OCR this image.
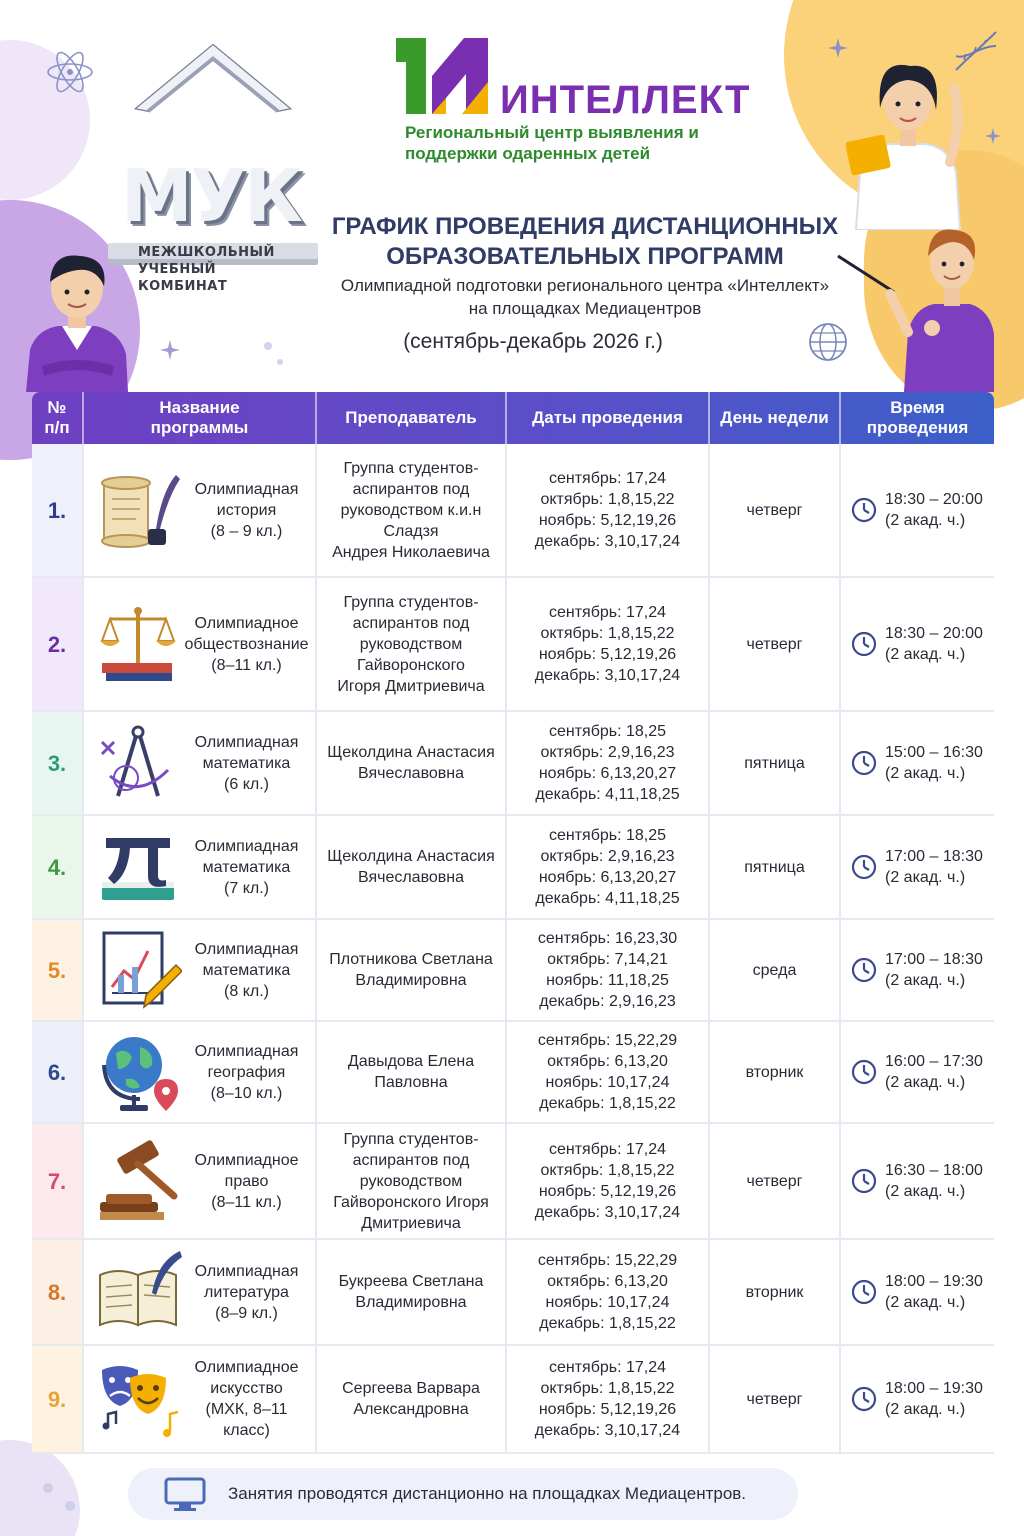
МУК
МЕЖШКОЛЬНЫЙ
УЧЕБНЫЙ
КОМБИНАТ
ИНТЕЛЛЕКТ
Региональный центр выявления и
поддержки одаренных детей
ГРАФИК ПРОВЕДЕНИЯ ДИСТАНЦИОННЫХ
ОБРАЗОВАТЕЛЬНЫХ ПРОГРАММ
Олимпиадной подготовки регионального центра «Интеллект»
на площадках Медиацентров
(сентябрь-декабрь 2026 г.)
№
п/п
Название
программы
Преподаватель	Даты проведения День недели
Время
проведения
1.
Олимпиадная
история
(8 – 9 кл.)
Группа студентов-
аспирантов под
руководством к.и.н
Сладзя
Андрея Николаевича
сентябрь: 17,24
октябрь: 1,8,15,22
ноябрь: 5,12,19,26
декабрь: 3,10,17,24
четверг
18:30 – 20:00
(2 акад. ч.)
2.
Олимпиадное
обществознание
(8–11 кл.)
Группа студентов-
аспирантов под
руководством
Гайворонского
Игоря Дмитриевича
сентябрь: 17,24
октябрь: 1,8,15,22
ноябрь: 5,12,19,26
декабрь: 3,10,17,24
четверг
18:30 – 20:00
(2 акад. ч.)
3.
Олимпиадная
математика
(6 кл.)
Щеколдина Анастасия
Вячеславовна
сентябрь: 18,25
октябрь: 2,9,16,23
ноябрь: 6,13,20,27
декабрь: 4,11,18,25
пятница
15:00 – 16:30
(2 акад. ч.)
4.
Олимпиадная
математика
(7 кл.)
Щеколдина Анастасия
Вячеславовна
сентябрь: 18,25
октябрь: 2,9,16,23
ноябрь: 6,13,20,27
декабрь: 4,11,18,25
пятница
17:00 – 18:30
(2 акад. ч.)
5.
Олимпиадная
математика
(8 кл.)
Плотникова Светлана
Владимировна
сентябрь: 16,23,30
октябрь: 7,14,21
ноябрь: 11,18,25
декабрь: 2,9,16,23
среда
17:00 – 18:30
(2 акад. ч.)
6.
Олимпиадная
география
(8–10 кл.)
Давыдова Елена
Павловна
сентябрь: 15,22,29
октябрь: 6,13,20
ноябрь: 10,17,24
декабрь: 1,8,15,22
вторник
16:00 – 17:30
(2 акад. ч.)
7.
Олимпиадное
право
(8–11 кл.)
Группа студентов-
аспирантов под
руководством
Гайворонского Игоря
Дмитриевича
сентябрь: 17,24
октябрь: 1,8,15,22
ноябрь: 5,12,19,26
декабрь: 3,10,17,24
четверг
16:30 – 18:00
(2 акад. ч.)
8.
Олимпиадная
литература
(8–9 кл.)
Букреева Светлана
Владимировна
сентябрь: 15,22,29
октябрь: 6,13,20
ноябрь: 10,17,24
декабрь: 1,8,15,22
вторник
18:00 – 19:30
(2 акад. ч.)
9.
Олимпиадное
искусство
(МХК, 8–11 класс)
Сергеева Варвара
Александровна
сентябрь: 17,24
октябрь: 1,8,15,22
ноябрь: 5,12,19,26
декабрь: 3,10,17,24
четверг
18:00 – 19:30
(2 акад. ч.)
Занятия проводятся дистанционно на площадках Медиацентров.
